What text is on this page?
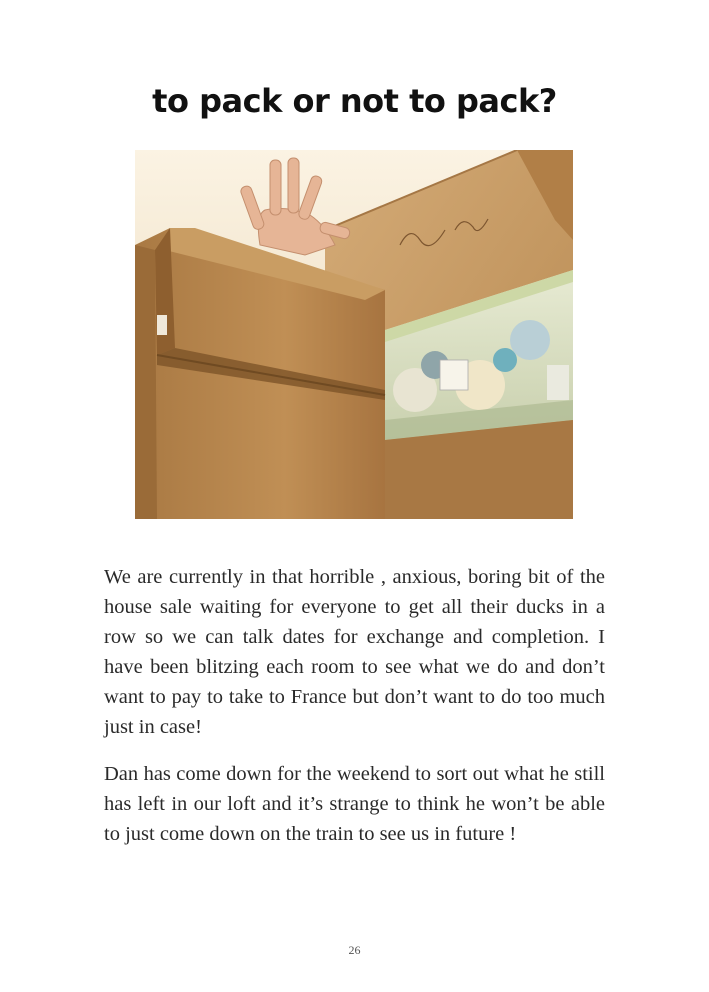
to pack or not to pack?

We are currently in that horrible , anxious, boring bit of the house sale waiting for everyone to get all their ducks in a row so we can talk dates for exchange and completion. I have been blitzing each room to see what we do and don’t want to pay to take to France but don’t want to do too much just in case!

Dan has come down for the weekend to sort out what he still has left in our loft and it’s strange to think he won’t be able to just come down on the train to see us in future !

26
